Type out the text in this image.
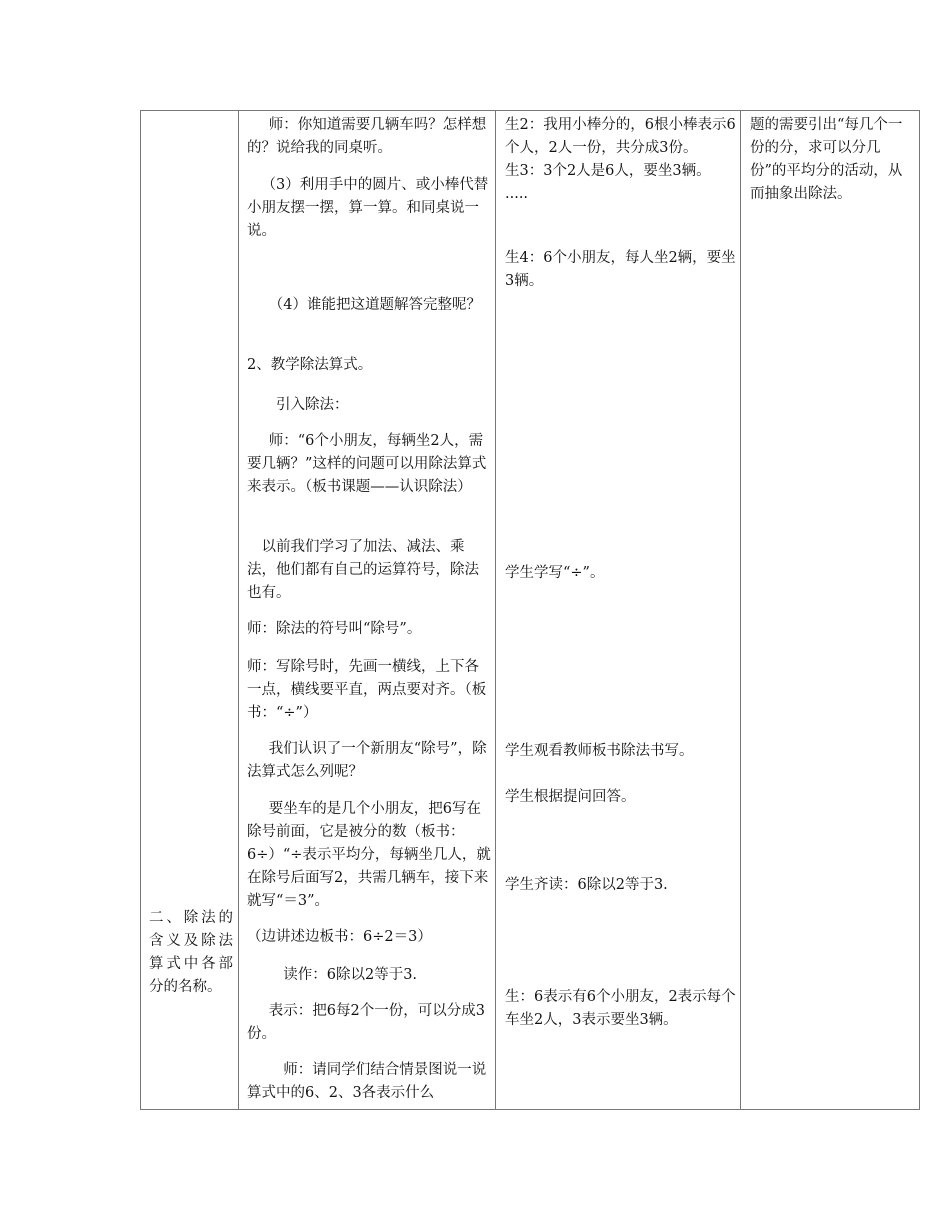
二、除法的含义及除法算式中各部分的名称。

师：你知道需要几辆车吗？怎样想的？说给我的同桌听。

（3）利用手中的圆片、或小棒代替小朋友摆一摆，算一算。和同桌说一说。

（4）谁能把这道题解答完整呢？

2、教学除法算式。

引入除法：

师：“6个小朋友，每辆坐2人，需要几辆？”这样的问题可以用除法算式来表示。（板书课题——认识除法）

以前我们学习了加法、减法、乘法，他们都有自己的运算符号，除法也有。

师：除法的符号叫“除号”。

师：写除号时，先画一横线，上下各一点，横线要平直，两点要对齐。（板书：“÷”）

我们认识了一个新朋友“除号”，除法算式怎么列呢？

要坐车的是几个小朋友，把6写在除号前面，它是被分的数（板书：6÷）“÷表示平均分，每辆坐几人，就在除号后面写2，共需几辆车，接下来就写“＝3”。

（边讲述边板书：6÷2＝3）

读作：6除以2等于3.

表示：把6每2个一份，可以分成3份。

师：请同学们结合情景图说一说算式中的6、2、3各表示什么

生2：我用小棒分的，6根小棒表示6个人，2人一份，共分成3份。

生3：3个2人是6人，要坐3辆。

.....

生4：6个小朋友，每人坐2辆，要坐3辆。

学生学写“÷”。

学生观看教师板书除法书写。

学生根据提问回答。

学生齐读：6除以2等于3.

生：6表示有6个小朋友，2表示每个车坐2人，3表示要坐3辆。

题的需要引出“每几个一份的分，求可以分几份”的平均分的活动，从而抽象出除法。
